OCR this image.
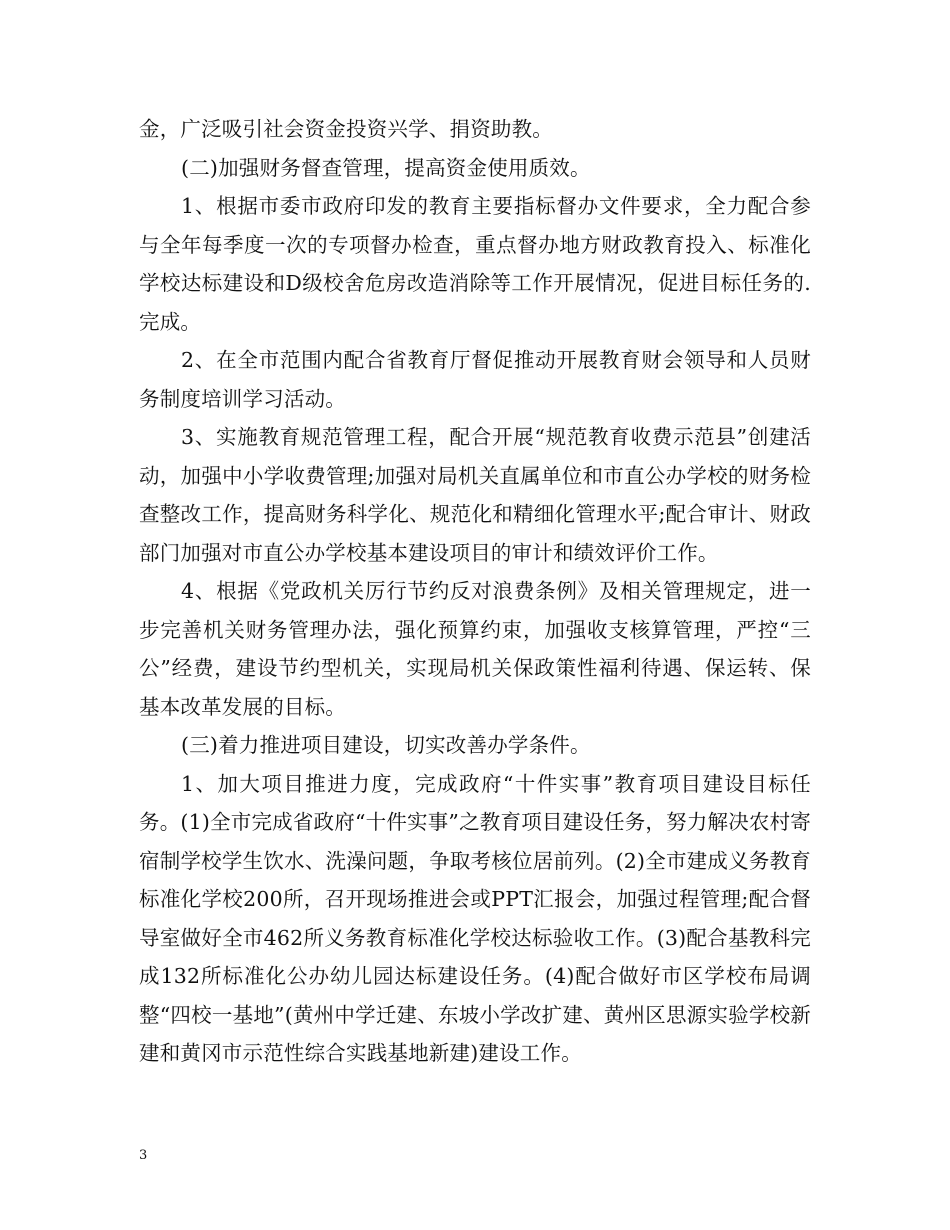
金，广泛吸引社会资金投资兴学、捐资助教。

(二)加强财务督查管理，提高资金使用质效。

1、根据市委市政府印发的教育主要指标督办文件要求，全力配合参与全年每季度一次的专项督办检查，重点督办地方财政教育投入、标准化学校达标建设和D级校舍危房改造消除等工作开展情况，促进目标任务的.完成。

2、在全市范围内配合省教育厅督促推动开展教育财会领导和人员财务制度培训学习活动。

3、实施教育规范管理工程，配合开展“规范教育收费示范县”创建活动，加强中小学收费管理;加强对局机关直属单位和市直公办学校的财务检查整改工作，提高财务科学化、规范化和精细化管理水平;配合审计、财政部门加强对市直公办学校基本建设项目的审计和绩效评价工作。

4、根据《党政机关厉行节约反对浪费条例》及相关管理规定，进一步完善机关财务管理办法，强化预算约束，加强收支核算管理，严控“三公”经费，建设节约型机关，实现局机关保政策性福利待遇、保运转、保基本改革发展的目标。

(三)着力推进项目建设，切实改善办学条件。

1、加大项目推进力度，完成政府“十件实事”教育项目建设目标任务。(1)全市完成省政府“十件实事”之教育项目建设任务，努力解决农村寄宿制学校学生饮水、洗澡问题，争取考核位居前列。(2)全市建成义务教育标准化学校200所，召开现场推进会或PPT汇报会，加强过程管理;配合督导室做好全市462所义务教育标准化学校达标验收工作。(3)配合基教科完成132所标准化公办幼儿园达标建设任务。(4)配合做好市区学校布局调整“四校一基地”(黄州中学迁建、东坡小学改扩建、黄州区思源实验学校新建和黄冈市示范性综合实践基地新建)建设工作。

3
